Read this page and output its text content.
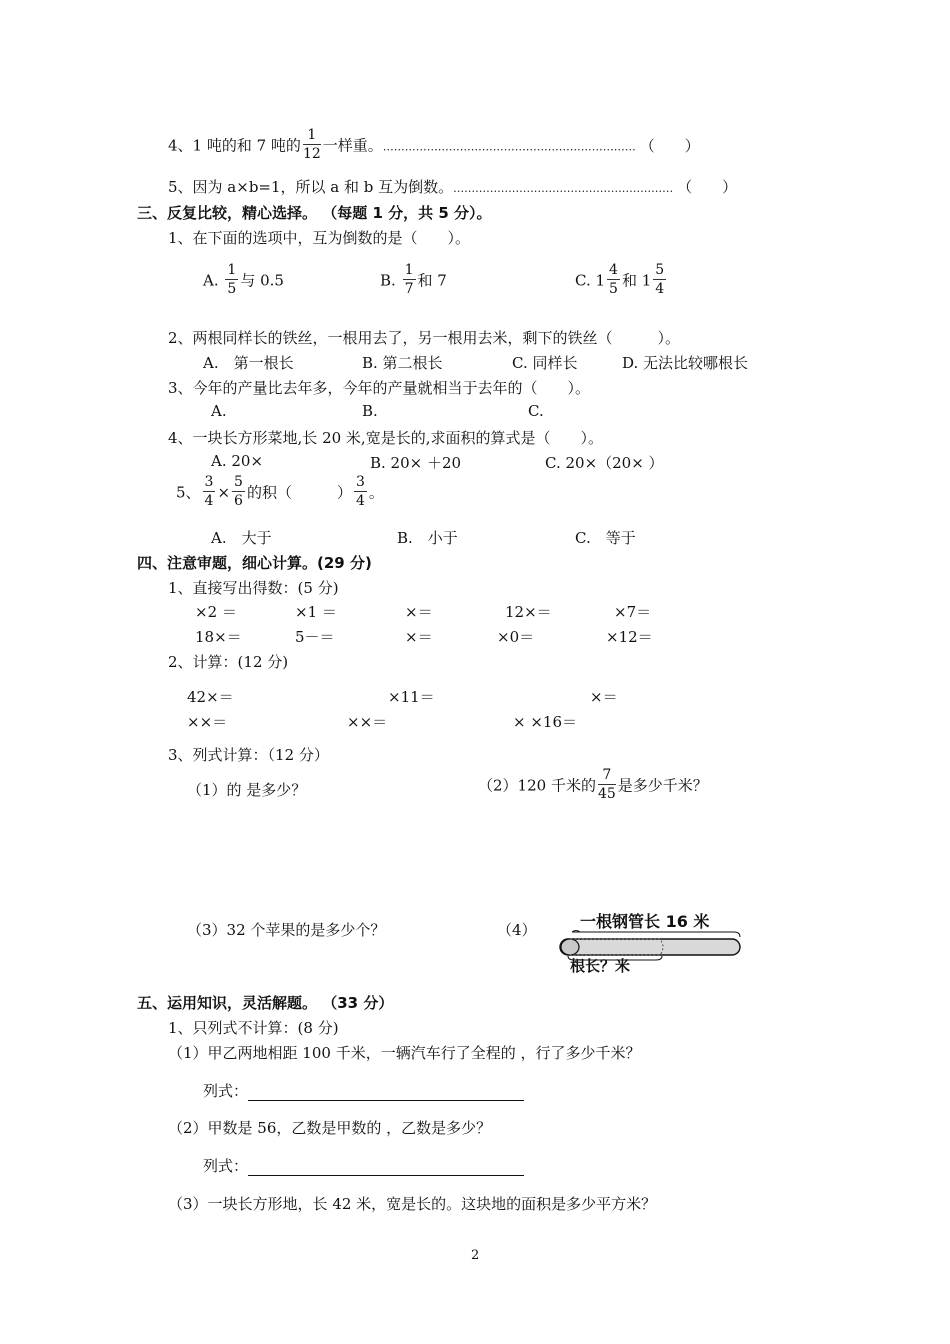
4、1 吨的和 7 吨的 $\frac{1}{12}$ 一样重。…………………………………………………………… （　　）
5、因为 a×b=1，所以 a 和 b 互为倒数。…………………………………………………… （　　）
三、反复比较，精心选择。 （每题 1 分，共 5 分）。
1、在下面的选项中，互为倒数的是（　　）。
A. $\frac{1}{5}$ 与 0.5	B. $\frac{1}{7}$ 和 7	C. $1 \frac{4}{5}$ 和 $1 \frac{5}{4}$
2、两根同样长的铁丝，一根用去了，另一根用去米，剩下的铁丝（　　　）。
A.　第一根长	B. 第二根长	C. 同样长	D. 无法比较哪根长
3、今年的产量比去年多，今年的产量就相当于去年的（　　）。
A.	B.	C.
4、一块长方形菜地,长 20 米,宽是长的,求面积的算式是（　　）。
A. 20×	B. 20× ＋20	C. 20×（20× ）
5、 $\frac{3}{4} \times \frac{5}{6}$ 的积（　　　） $\frac{3}{4}$ 。
A.　大于	B.　小于	C.　等于
四、注意审题，细心计算。(29 分)
1、直接写出得数：(5 分)
×2 ＝	×1 ＝	×＝	12×＝	×7＝
18×＝	5－＝	×＝	×0＝	×12＝
2、计算：(12 分)
42×＝	×11＝	×＝
××＝	××＝	× ×16＝
3、列式计算：（12 分）
（1）的 是多少？	（2）120 千米的 $\frac{7}{45}$ 是多少千米？
（3）32 个苹果的是多少个？	（4）	一根钢管长 16 米
根长？米
五、运用知识，灵活解题。 （33 分）
1、只列式不计算：(8 分)
（1）甲乙两地相距 100 千米，一辆汽车行了全程的 ，行了多少千米？
列式：
（2）甲数是 56，乙数是甲数的 ，乙数是多少？
列式：
（3）一块长方形地，长 42 米，宽是长的。这块地的面积是多少平方米？
2
